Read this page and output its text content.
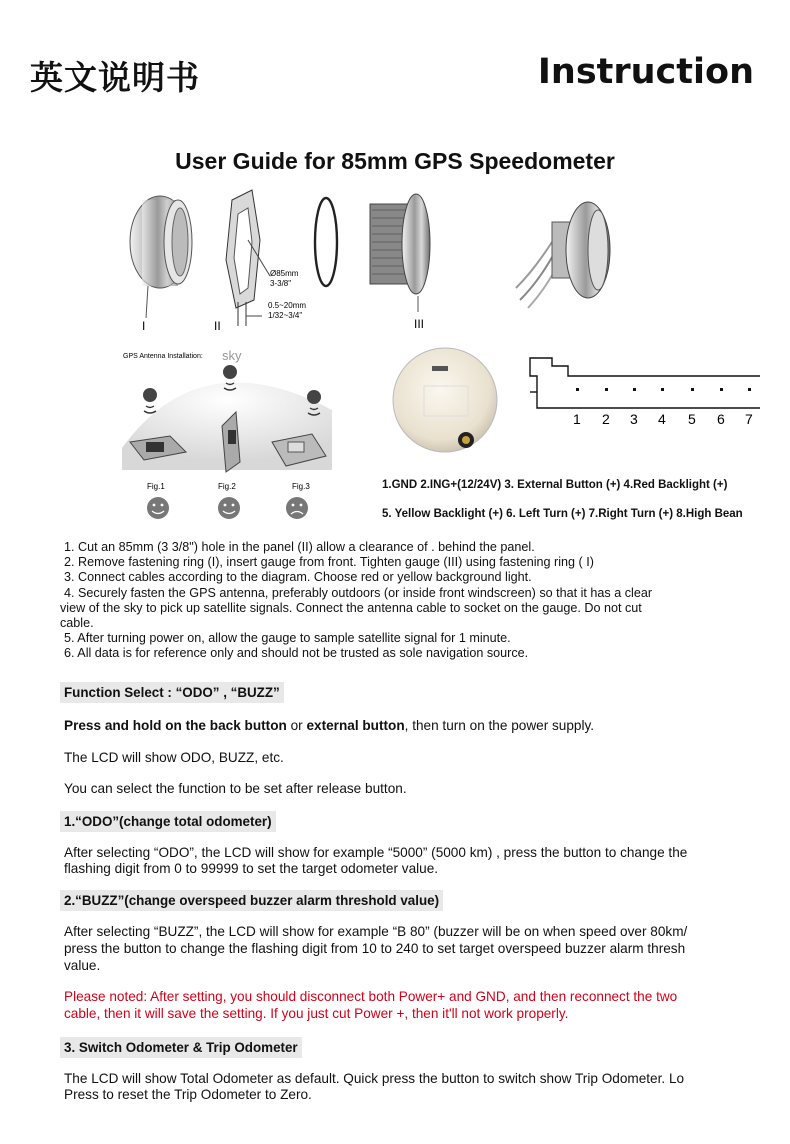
英文说明书	Instruction
User Guide for 85mm GPS Speedometer
I
Ø85mm
3-3/8"
0.5~20mm
1/32~3/4"
II	III
GPS Antenna Installation: sky
Fig.1	Fig.2	Fig.3
1 2 3 4 5 6 7
1.GND 2.ING+(12/24V) 3. External Button (+) 4.Red Backlight (+)
5. Yellow Backlight (+) 6. Left Turn (+) 7.Right Turn (+) 8.High Bean
1. Cut an 85mm (3 3/8") hole in the panel (II) allow a clearance of . behind the panel.
2. Remove fastening ring (I), insert gauge from front. Tighten gauge (III) using fastening ring ( I)
3. Connect cables according to the diagram. Choose red or yellow background light.
4. Securely fasten the GPS antenna, preferably outdoors (or inside front windscreen) so that it has a clear
view of the sky to pick up satellite signals. Connect the antenna cable to socket on the gauge. Do not cut
cable.
5. After turning power on, allow the gauge to sample satellite signal for 1 minute.
6. All data is for reference only and should not be trusted as sole navigation source.
Function Select : “ODO” , “BUZZ”
Press and hold on the back button or external button, then turn on the power supply.
The LCD will show ODO, BUZZ, etc.
You can select the function to be set after release button.
1.“ODO”(change total odometer)
After selecting “ODO”, the LCD will show for example “5000” (5000 km) , press the button to change the
flashing digit from 0 to 99999 to set the target odometer value.
2.“BUZZ”(change overspeed buzzer alarm threshold value)
After selecting “BUZZ”, the LCD will show for example “B 80” (buzzer will be on when speed over 80km/
press the button to change the flashing digit from 10 to 240 to set target overspeed buzzer alarm thresh
value.
Please noted: After setting, you should disconnect both Power+ and GND, and then reconnect the two
cable, then it will save the setting. If you just cut Power +, then it'll not work properly.
3. Switch Odometer & Trip Odometer
The LCD will show Total Odometer as default. Quick press the button to switch show Trip Odometer. Lo
Press to reset the Trip Odometer to Zero.
